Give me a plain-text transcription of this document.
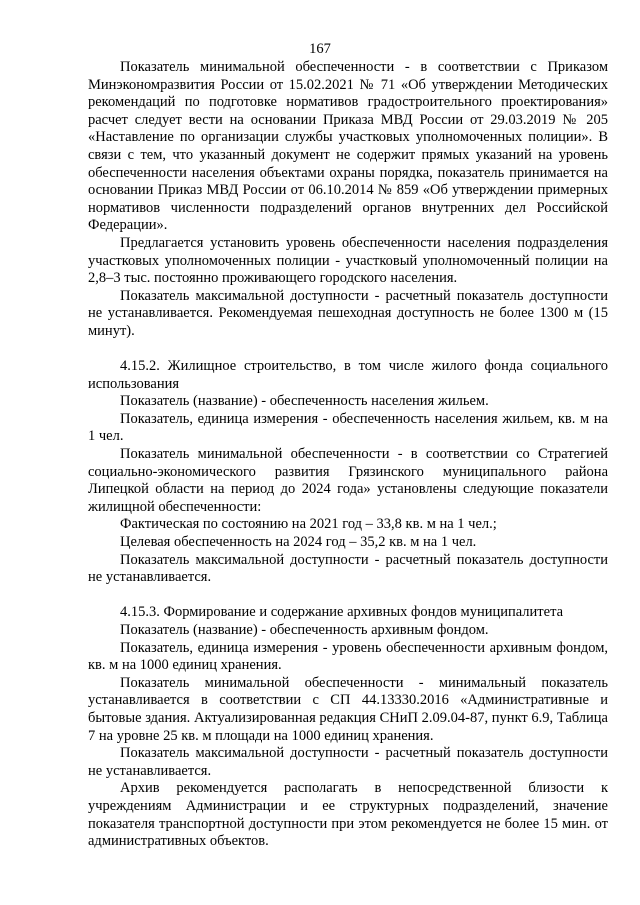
167

Показатель минимальной обеспеченности - в соответствии с Приказом Минэкономразвития России от 15.02.2021 № 71 «Об утверждении Методических рекомендаций по подготовке нормативов градостроительного проектирования» расчет следует вести на основании Приказа МВД России от 29.03.2019 № 205 «Наставление по организации службы участковых уполномоченных полиции». В связи с тем, что указанный документ не содержит прямых указаний на уровень обеспеченности населения объектами охраны порядка, показатель принимается на основании Приказ МВД России от 06.10.2014 № 859 «Об утверждении примерных нормативов численности подразделений органов внутренних дел Российской Федерации».

Предлагается установить уровень обеспеченности населения подразделения участковых уполномоченных полиции - участковый уполномоченный полиции на 2,8–3 тыс. постоянно проживающего городского населения.

Показатель максимальной доступности - расчетный показатель доступности не устанавливается. Рекомендуемая пешеходная доступность не более 1300 м (15 минут).

4.15.2. Жилищное строительство, в том числе жилого фонда социального использования

Показатель (название) - обеспеченность населения жильем.

Показатель, единица измерения - обеспеченность населения жильем, кв. м на 1 чел.

Показатель минимальной обеспеченности - в соответствии со Стратегией социально-экономического развития Грязинского муниципального района Липецкой области на период до 2024 года» установлены следующие показатели жилищной обеспеченности:

Фактическая по состоянию на 2021 год – 33,8 кв. м на 1 чел.;

Целевая обеспеченность на 2024 год – 35,2 кв. м на 1 чел.

Показатель максимальной доступности - расчетный показатель доступности не устанавливается.

4.15.3. Формирование и содержание архивных фондов муниципалитета

Показатель (название) - обеспеченность архивным фондом.

Показатель, единица измерения - уровень обеспеченности архивным фондом, кв. м на 1000 единиц хранения.

Показатель минимальной обеспеченности - минимальный показатель устанавливается в соответствии с СП 44.13330.2016 «Административные и бытовые здания. Актуализированная редакция СНиП 2.09.04-87, пункт 6.9, Таблица 7 на уровне 25 кв. м площади на 1000 единиц хранения.

Показатель максимальной доступности - расчетный показатель доступности не устанавливается.

Архив рекомендуется располагать в непосредственной близости к учреждениям Администрации и ее структурных подразделений, значение показателя транспортной доступности при этом рекомендуется не более 15 мин. от административных объектов.
